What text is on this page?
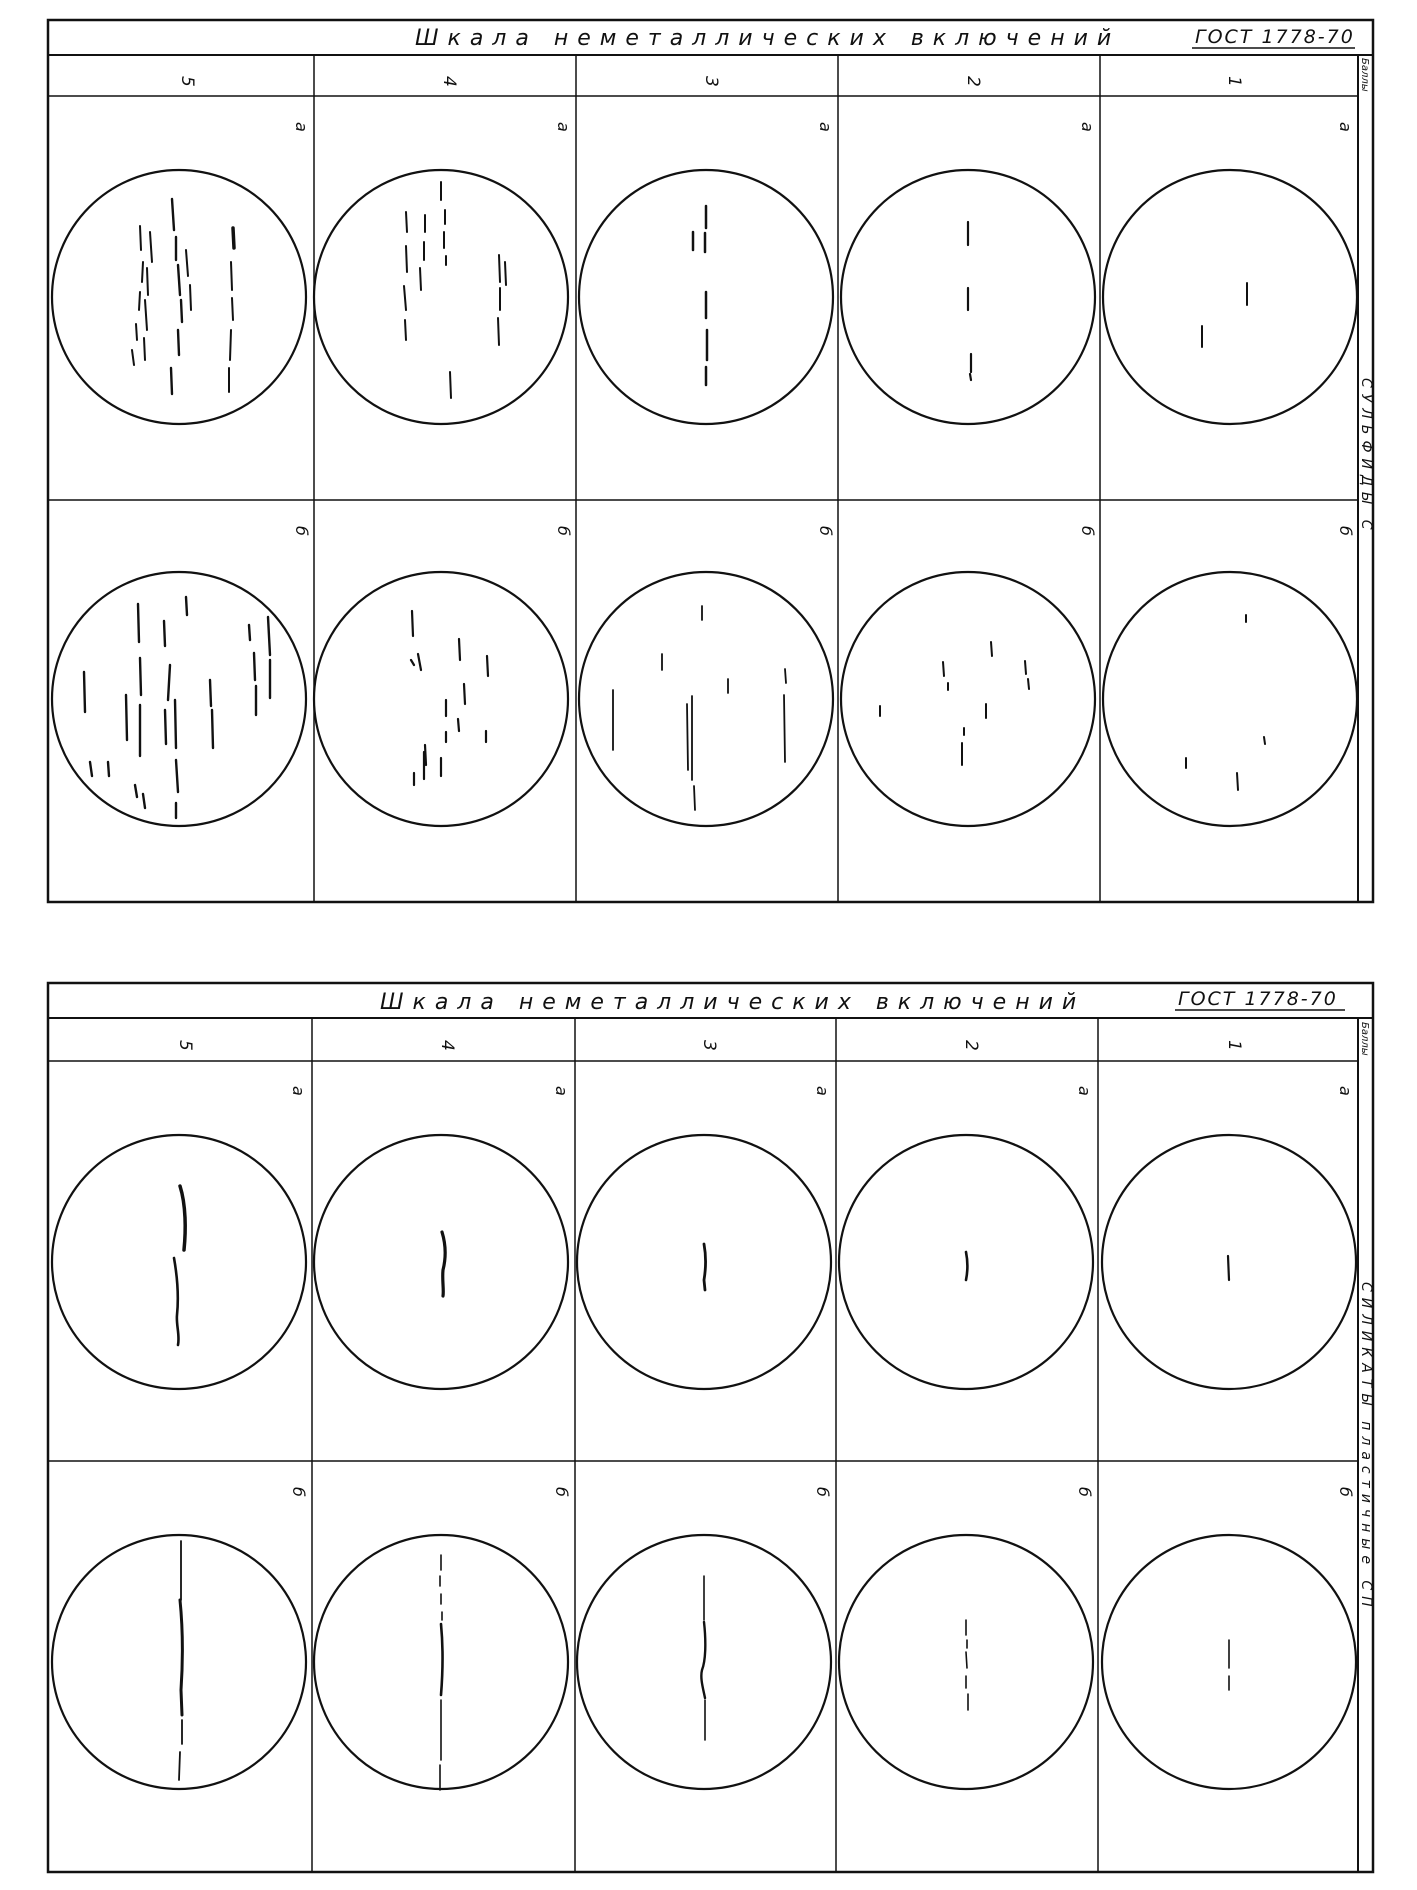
Шкала неметаллических включений	ГОСТ 1778-70
5	4	3	2	1	Баллы
СУЛЬФИДЫ С
а	а	а	а	а
б	б	б	б	б
Шкала неметаллических включений	ГОСТ 1778-70
5	4	3	2	1	Баллы
СИЛИКАТЫ пластичные СП
а	а	а	а	а
б	б	б	б	б
